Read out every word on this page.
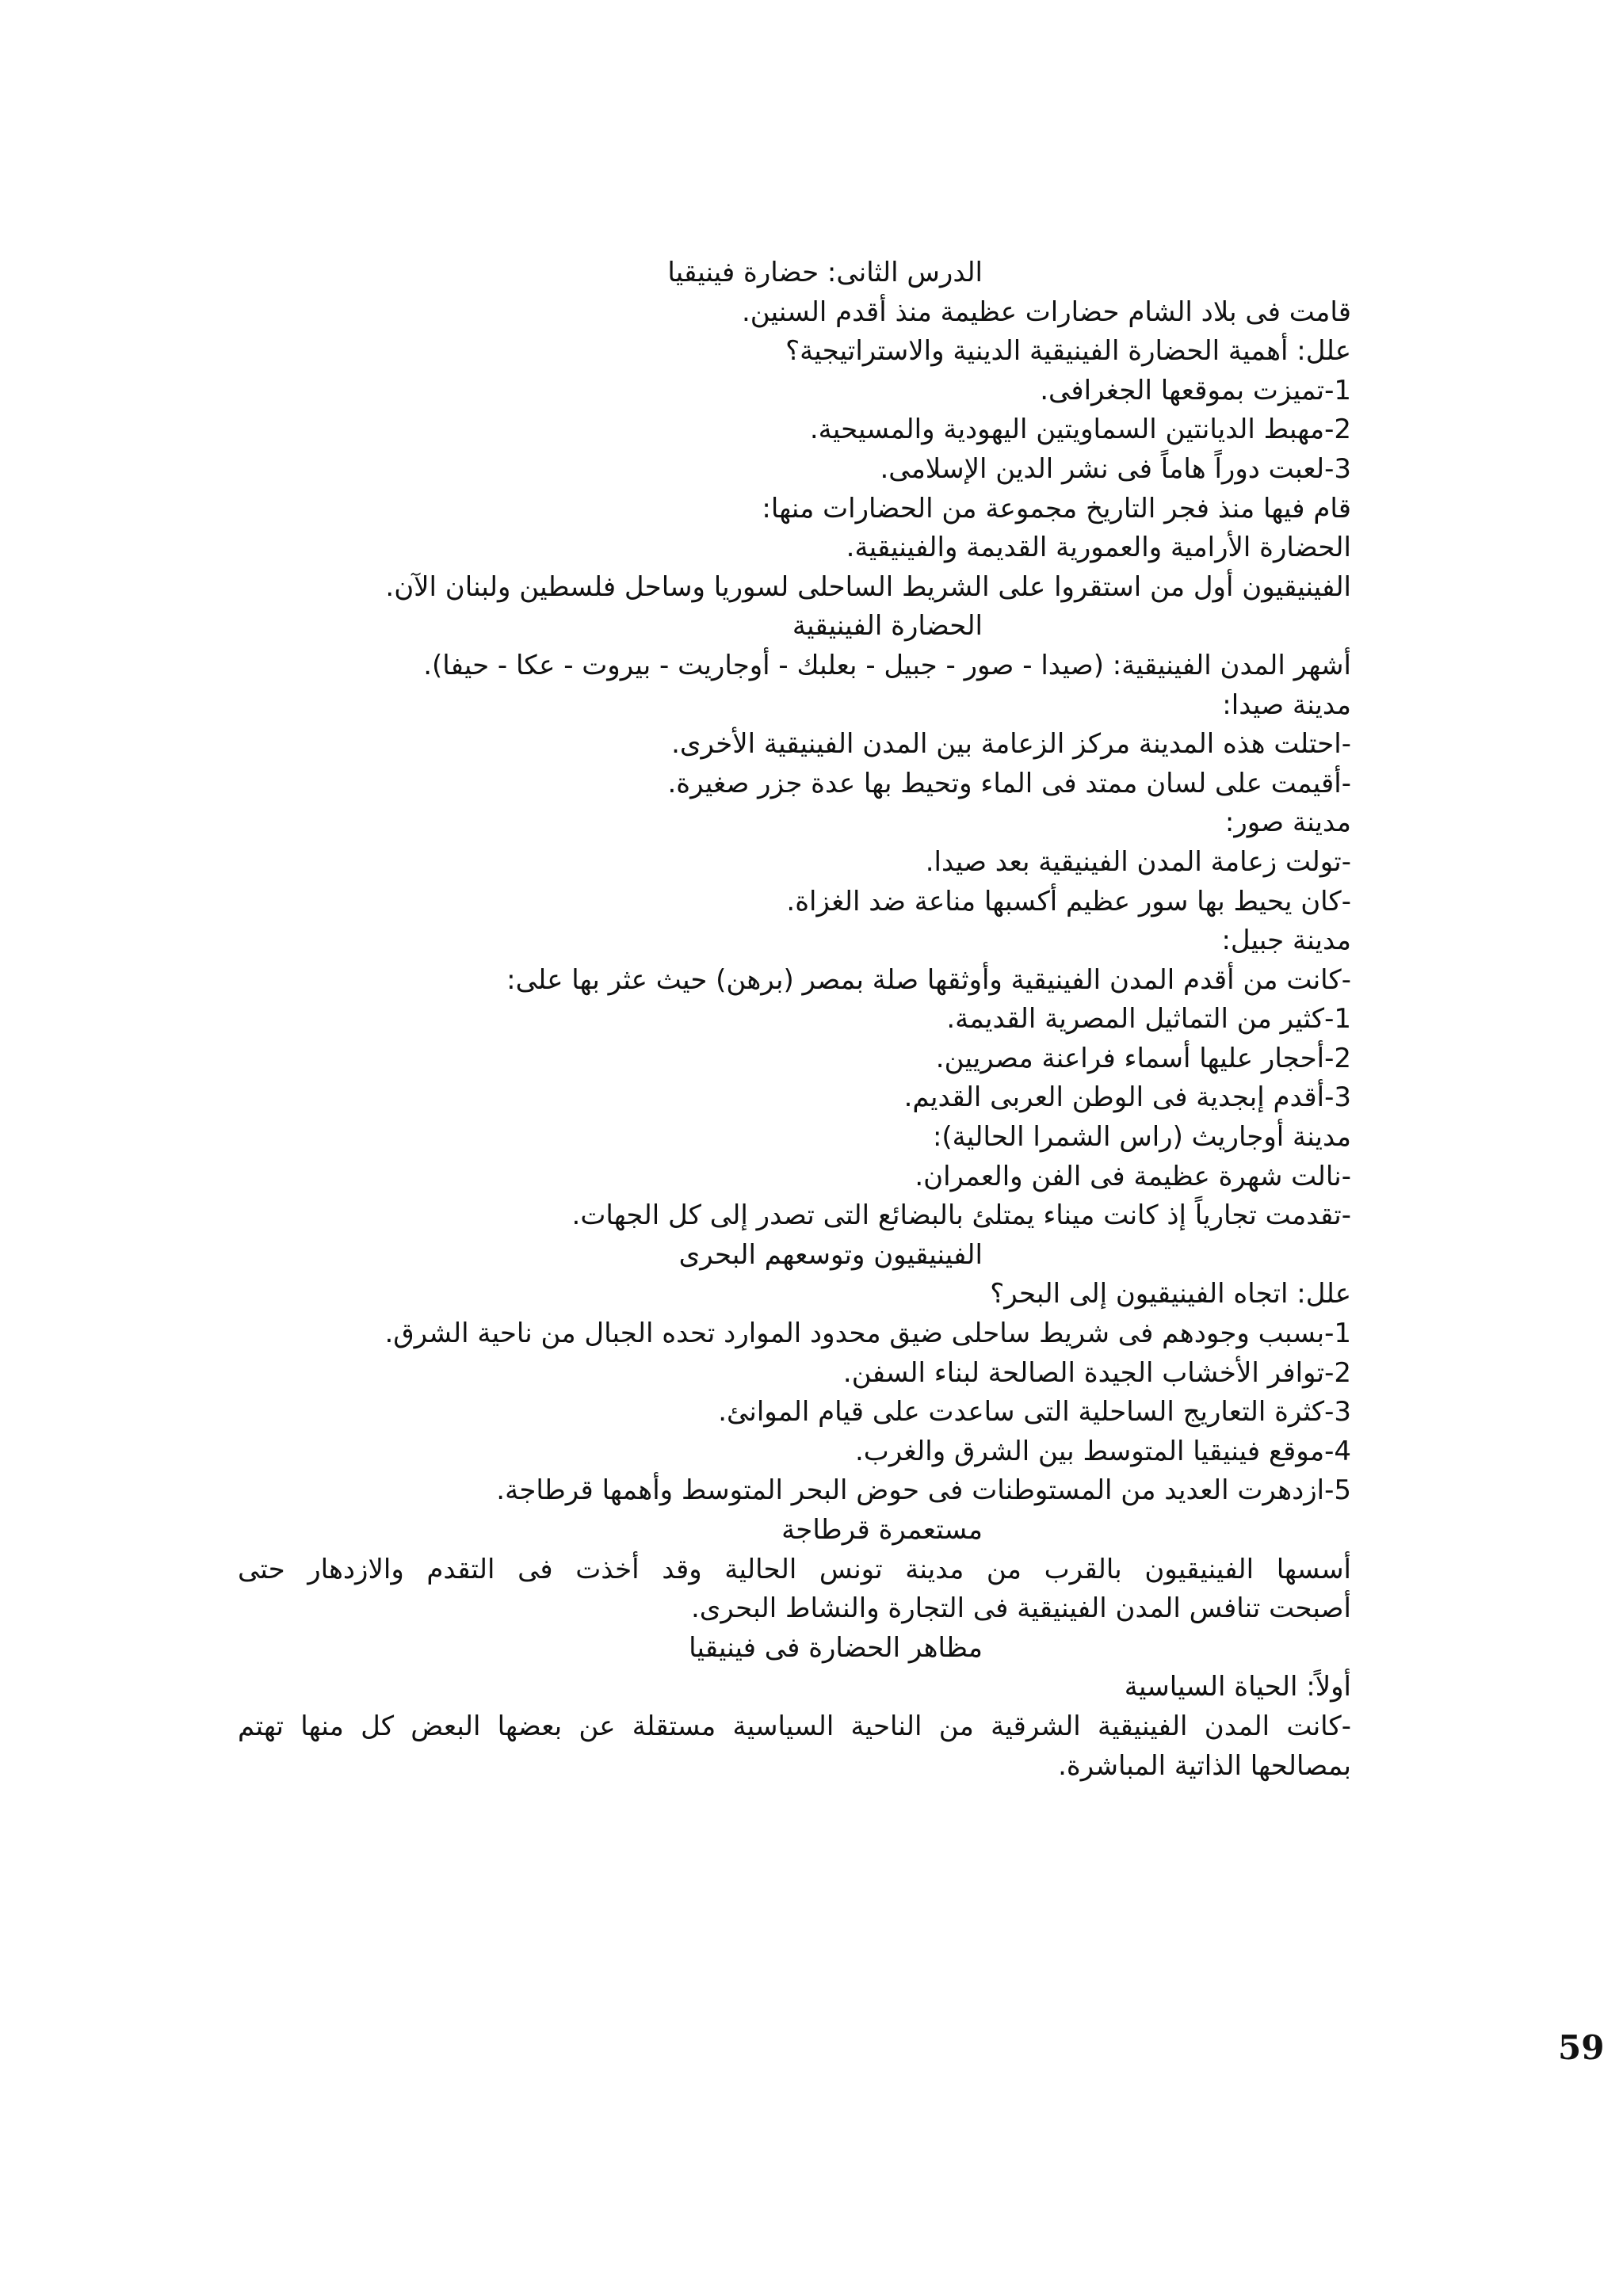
الدرس الثانى: حضارة فينيقيا
قامت فى بلاد الشام حضارات عظيمة منذ أقدم السنين.
علل: أهمية الحضارة الفينيقية الدينية والاستراتيجية؟
1-تميزت بموقعها الجغرافى.
2-مهبط الديانتين السماويتين اليهودية والمسيحية.
3-لعبت دوراً هاماً فى نشر الدين الإسلامى.
قام فيها منذ فجر التاريخ مجموعة من الحضارات منها:
الحضارة الأرامية والعمورية القديمة والفينيقية.
الفينيقيون أول من استقروا على الشريط الساحلى لسوريا وساحل فلسطين ولبنان الآن.
الحضارة الفينيقية
أشهر المدن الفينيقية: (صيدا - صور - جبيل - بعلبك - أوجاريت - بيروت - عكا - حيفا).
مدينة صيدا:
-احتلت هذه المدينة مركز الزعامة بين المدن الفينيقية الأخرى.
-أقيمت على لسان ممتد فى الماء وتحيط بها عدة جزر صغيرة.
مدينة صور:
-تولت زعامة المدن الفينيقية بعد صيدا.
-كان يحيط بها سور عظيم أكسبها مناعة ضد الغزاة.
مدينة جبيل:
-كانت من أقدم المدن الفينيقية وأوثقها صلة بمصر (برهن) حيث عثر بها على:
1-كثير من التماثيل المصرية القديمة.
2-أحجار عليها أسماء فراعنة مصريين.
3-أقدم إبجدية فى الوطن العربى القديم.
مدينة أوجاريث (راس الشمرا الحالية):
-نالت شهرة عظيمة فى الفن والعمران.
-تقدمت تجارياً إذ كانت ميناء يمتلئ بالبضائع التى تصدر إلى كل الجهات.
الفينيقيون وتوسعهم البحرى
علل: اتجاه الفينيقيون إلى البحر؟
1-بسبب وجودهم فى شريط ساحلى ضيق محدود الموارد تحده الجبال من ناحية الشرق.
2-توافر الأخشاب الجيدة الصالحة لبناء السفن.
3-كثرة التعاريج الساحلية التى ساعدت على قيام الموانئ.
4-موقع فينيقيا المتوسط بين الشرق والغرب.
5-ازدهرت العديد من المستوطنات فى حوض البحر المتوسط وأهمها قرطاجة.
مستعمرة قرطاجة
أسسها الفينيقيون بالقرب من مدينة تونس الحالية وقد أخذت فى التقدم والازدهار حتى
أصبحت تنافس المدن الفينيقية فى التجارة والنشاط البحرى.
مظاهر الحضارة فى فينيقيا
أولاً: الحياة السياسية
-كانت المدن الفينيقية الشرقية من الناحية السياسية مستقلة عن بعضها البعض كل منها تهتم
بمصالحها الذاتية المباشرة.
59
